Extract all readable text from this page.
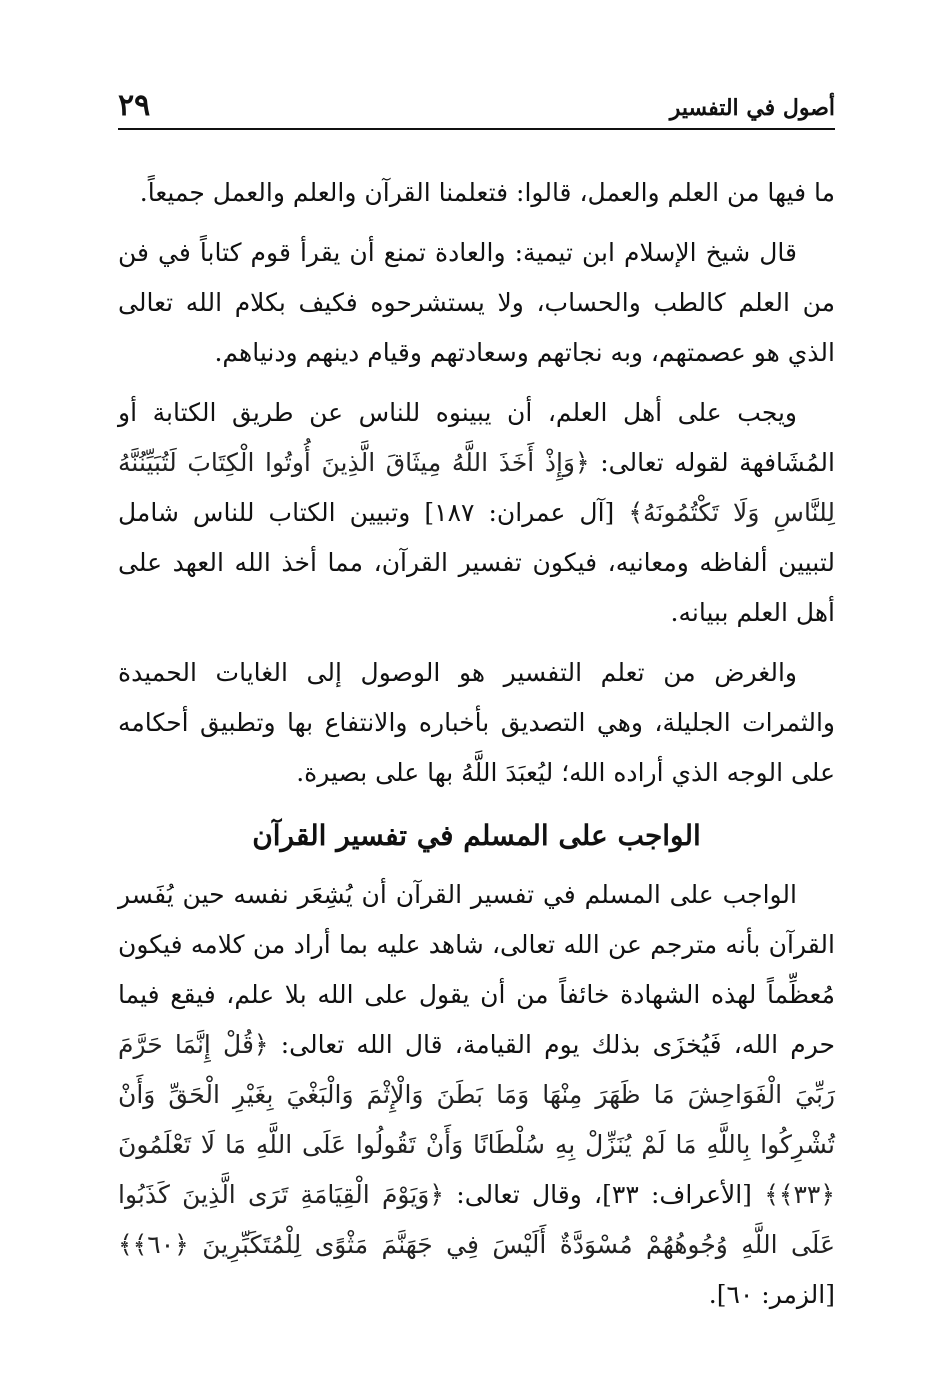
٢٩	أصول في التفسير

ما فيها من العلم والعمل، قالوا: فتعلمنا القرآن والعلم والعمل جميعاً.

قال شيخ الإسلام ابن تيمية: والعادة تمنع أن يقرأ قوم كتاباً في فن من العلم كالطب والحساب، ولا يستشرحوه فكيف بكلام الله تعالى الذي هو عصمتهم، وبه نجاتهم وسعادتهم وقيام دينهم ودنياهم.

ويجب على أهل العلم، أن يبينوه للناس عن طريق الكتابة أو المُشَافهة لقوله تعالى: ﴿وَإِذْ أَخَذَ اللَّهُ مِيثَاقَ الَّذِينَ أُوتُوا الْكِتَابَ لَتُبَيِّنُنَّهُ لِلنَّاسِ وَلَا تَكْتُمُونَهُ﴾ [آل عمران: ١٨٧] وتبيين الكتاب للناس شامل لتبيين ألفاظه ومعانيه، فيكون تفسير القرآن، مما أخذ الله العهد على أهل العلم ببيانه.

والغرض من تعلم التفسير هو الوصول إلى الغايات الحميدة والثمرات الجليلة، وهي التصديق بأخباره والانتفاع بها وتطبيق أحكامه على الوجه الذي أراده الله؛ ليُعبَدَ اللَّهُ بها على بصيرة.

الواجب على المسلم في تفسير القرآن

الواجب على المسلم في تفسير القرآن أن يُشِعَر نفسه حين يُفَسر القرآن بأنه مترجم عن الله تعالى، شاهد عليه بما أراد من كلامه فيكون مُعظِّماً لهذه الشهادة خائفاً من أن يقول على الله بلا علم، فيقع فيما حرم الله، فَيُخزَى بذلك يوم القيامة، قال الله تعالى: ﴿قُلْ إِنَّمَا حَرَّمَ رَبِّيَ الْفَوَاحِشَ مَا ظَهَرَ مِنْهَا وَمَا بَطَنَ وَالْإِثْمَ وَالْبَغْيَ بِغَيْرِ الْحَقِّ وَأَنْ تُشْرِكُوا بِاللَّهِ مَا لَمْ يُنَزِّلْ بِهِ سُلْطَانًا وَأَنْ تَقُولُوا عَلَى اللَّهِ مَا لَا تَعْلَمُونَ ﴿٣٣﴾﴾ [الأعراف: ٣٣]، وقال تعالى: ﴿وَيَوْمَ الْقِيَامَةِ تَرَى الَّذِينَ كَذَبُوا عَلَى اللَّهِ وُجُوهُهُمْ مُسْوَدَّةٌ أَلَيْسَ فِي جَهَنَّمَ مَثْوًى لِلْمُتَكَبِّرِينَ ﴿٦٠﴾﴾ [الزمر: ٦٠].
